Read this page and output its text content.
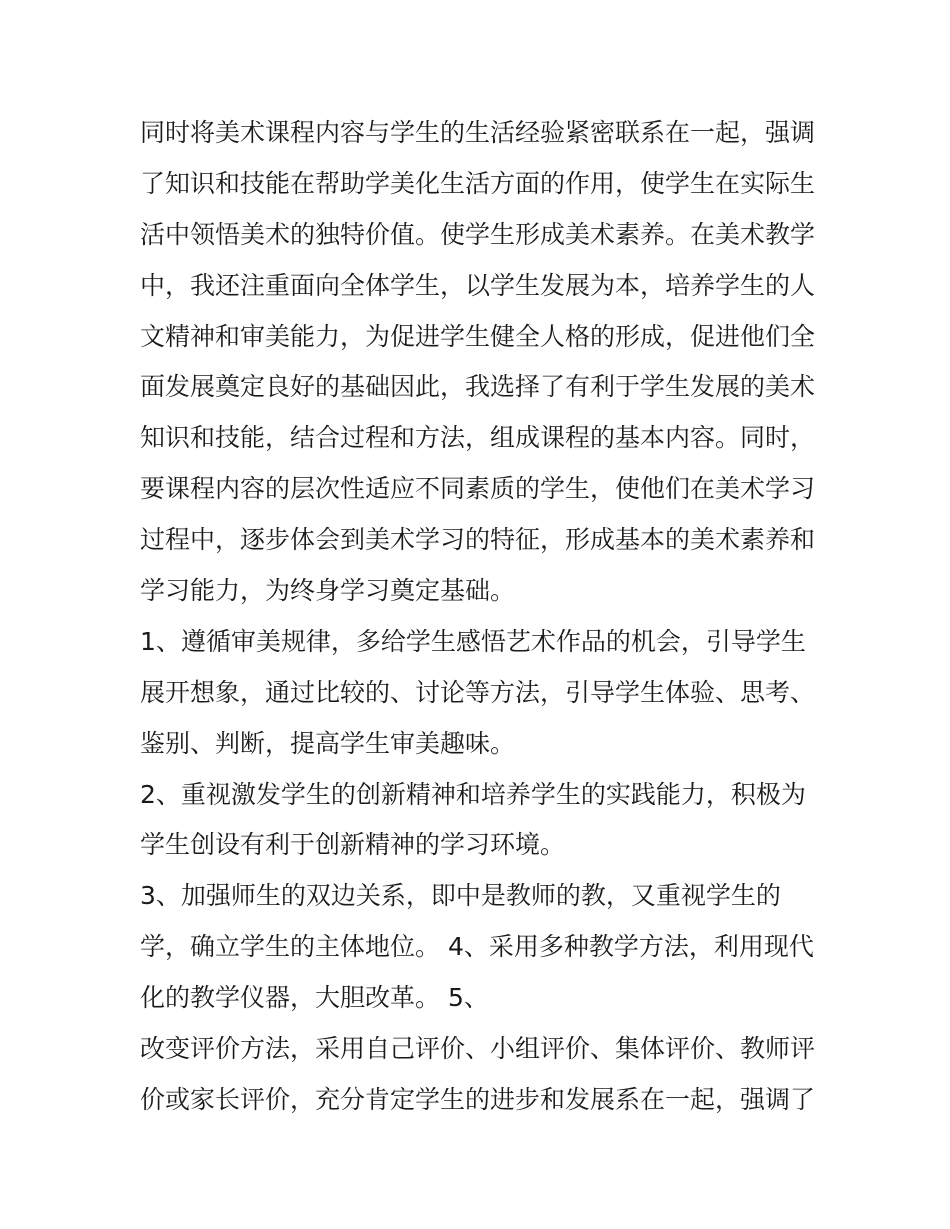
同时将美术课程内容与学生的生活经验紧密联系在一起，强调
了知识和技能在帮助学美化生活方面的作用，使学生在实际生
活中领悟美术的独特价值。使学生形成美术素养。在美术教学
中，我还注重面向全体学生，以学生发展为本，培养学生的人
文精神和审美能力，为促进学生健全人格的形成，促进他们全
面发展奠定良好的基础因此，我选择了有利于学生发展的美术
知识和技能，结合过程和方法，组成课程的基本内容。同时，
要课程内容的层次性适应不同素质的学生，使他们在美术学习
过程中，逐步体会到美术学习的特征，形成基本的美术素养和
学习能力，为终身学习奠定基础。
1、遵循审美规律，多给学生感悟艺术作品的机会，引导学生
展开想象，通过比较的、讨论等方法，引导学生体验、思考、
鉴别、判断，提高学生审美趣味。
2、重视激发学生的创新精神和培养学生的实践能力，积极为
学生创设有利于创新精神的学习环境。
3、加强师生的双边关系，即中是教师的教，又重视学生的
学，确立学生的主体地位。 4、采用多种教学方法，利用现代
化的教学仪器，大胆改革。 5、
改变评价方法，采用自己评价、小组评价、集体评价、教师评
价或家长评价，充分肯定学生的进步和发展系在一起，强调了
